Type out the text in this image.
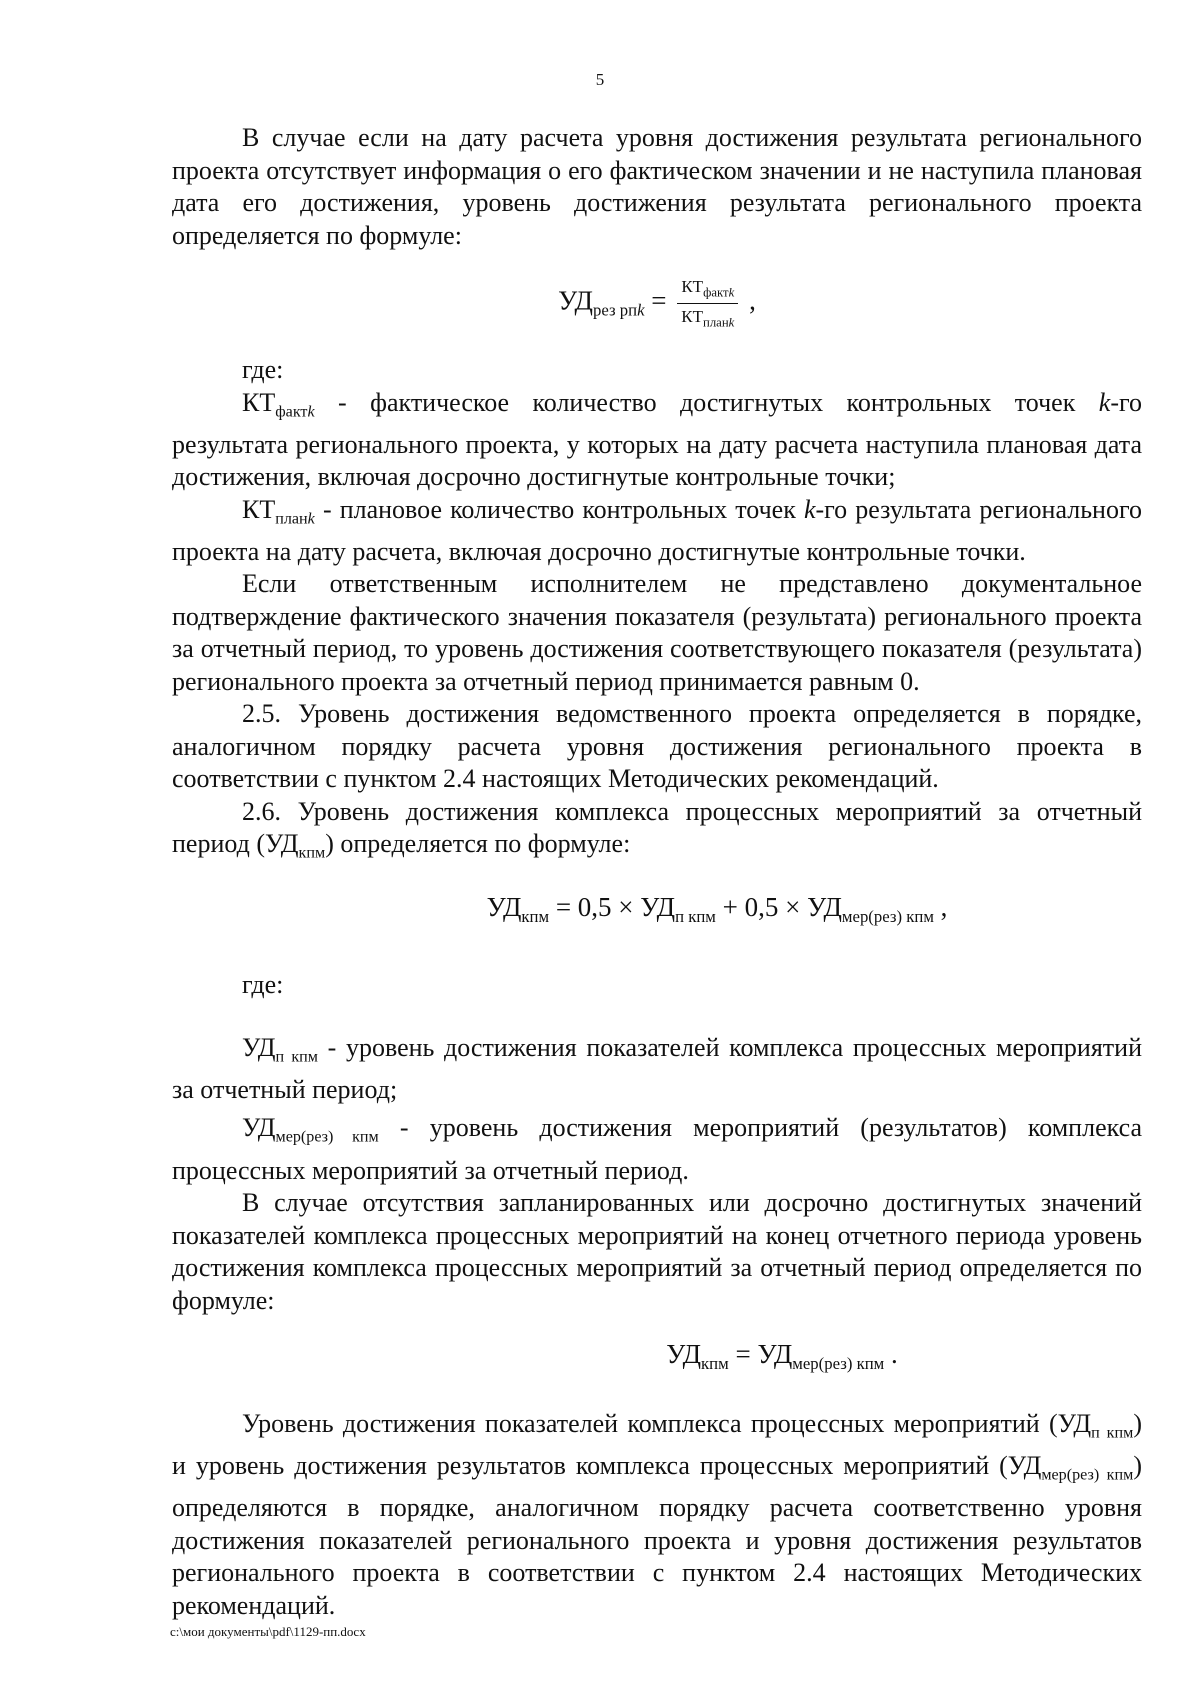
5

В случае если на дату расчета уровня достижения результата регионального проекта отсутствует информация о его фактическом значении и не наступила плановая дата его достижения, уровень достижения результата регионального проекта определяется по формуле:

$УД_{рез рпk} = \frac{КТ_{фактk}}{КТ_{планk}}$ ,

где:

$КТ_{фактk}$ - фактическое количество достигнутых контрольных точек k-го результата регионального проекта, у которых на дату расчета наступила плановая дата достижения, включая досрочно достигнутые контрольные точки;

$КТ_{планk}$ - плановое количество контрольных точек k-го результата регионального проекта на дату расчета, включая досрочно достигнутые контрольные точки.

Если ответственным исполнителем не представлено документальное подтверждение фактического значения показателя (результата) регионального проекта за отчетный период, то уровень достижения соответствующего показателя (результата) регионального проекта за отчетный период принимается равным 0.

2.5. Уровень достижения ведомственного проекта определяется в порядке, аналогичном порядку расчета уровня достижения регионального проекта в соответствии с пунктом 2.4 настоящих Методических рекомендаций.

2.6. Уровень достижения комплекса процессных мероприятий за отчетный период $(УД_{кпм})$ определяется по формуле:

$УД_{кпм} = 0,5 \times УД_{п кпм} + 0,5 \times УД_{мер(рез) кпм}$ ,

где:

$УД_{п кпм}$ - уровень достижения показателей комплекса процессных мероприятий за отчетный период;

$УД_{мер(рез) кпм}$ - уровень достижения мероприятий (результатов) комплекса процессных мероприятий за отчетный период.

В случае отсутствия запланированных или досрочно достигнутых значений показателей комплекса процессных мероприятий на конец отчетного периода уровень достижения комплекса процессных мероприятий за отчетный период определяется по формуле:

$УД_{кпм} = УД_{мер(рез) кпм}$ .

Уровень достижения показателей комплекса процессных мероприятий $(УД_{п кпм})$ и уровень достижения результатов комплекса процессных мероприятий $(УД_{мер(рез) кпм})$ определяются в порядке, аналогичном порядку расчета соответственно уровня достижения показателей регионального проекта и уровня достижения результатов регионального проекта в соответствии с пунктом 2.4 настоящих Методических рекомендаций.

c:\мои документы\pdf\1129-пп.docx
